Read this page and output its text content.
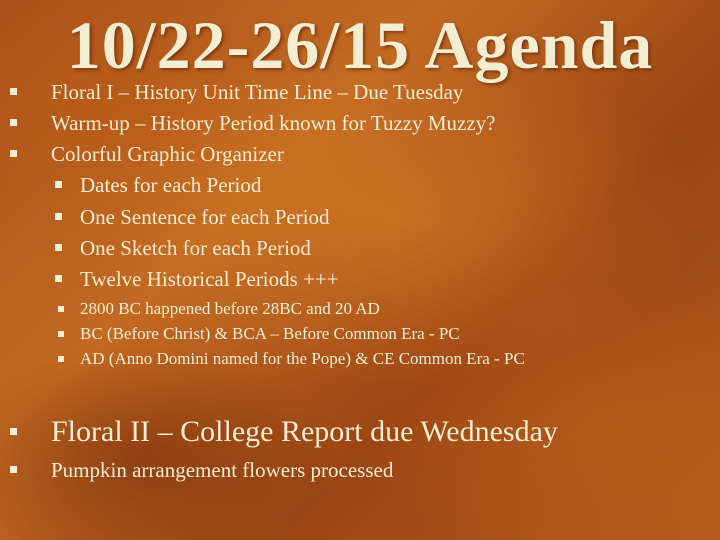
10/22-26/15 Agenda
Floral I – History Unit Time Line – Due Tuesday
Warm-up – History Period known for Tuzzy Muzzy?
Colorful Graphic Organizer
Dates for each Period
One Sentence for each Period
One Sketch for each Period
Twelve Historical Periods +++
2800 BC happened before 28BC and 20 AD
BC (Before Christ) & BCA – Before Common Era - PC
AD (Anno Domini named for the Pope) & CE Common Era - PC
Floral II – College Report due Wednesday
Pumpkin arrangement flowers processed
